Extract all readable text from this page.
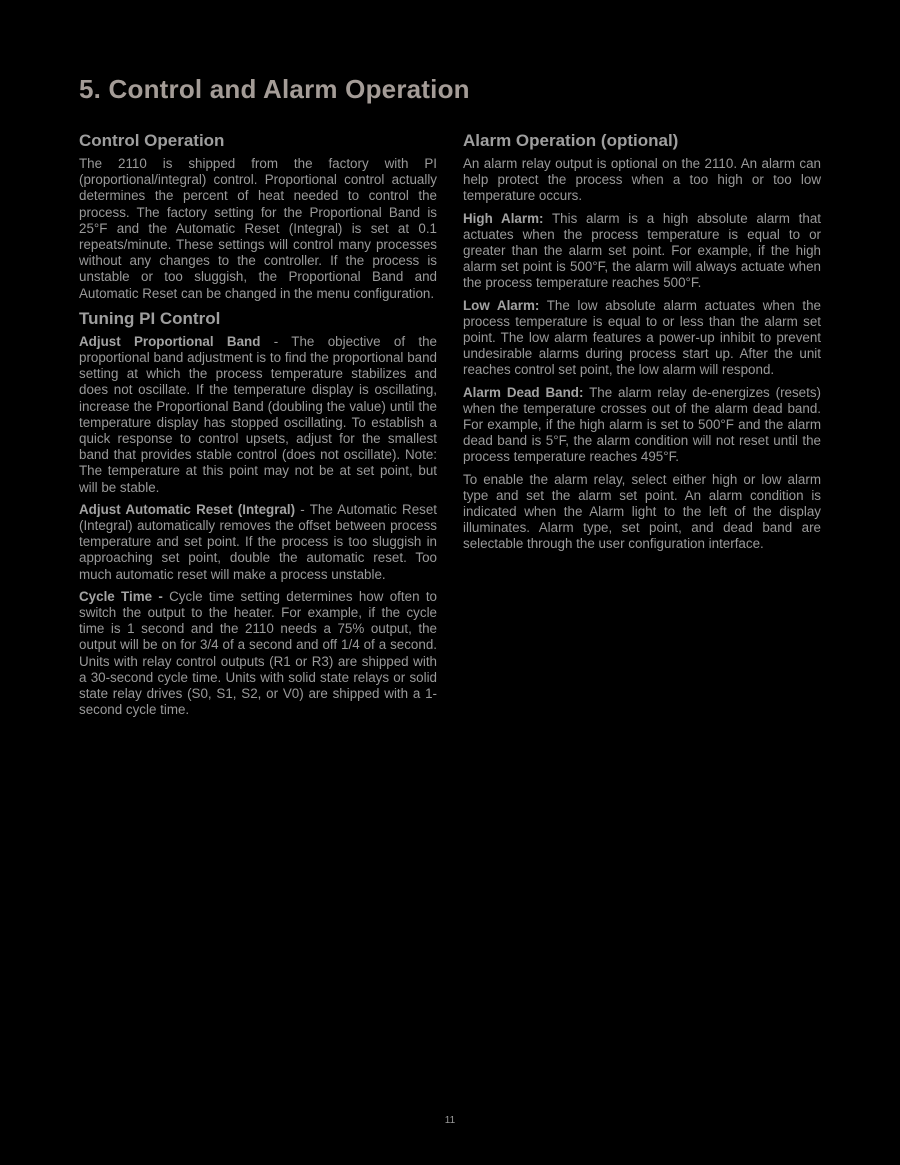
5. Control and Alarm Operation
Control Operation

The 2110 is shipped from the factory with PI (proportional/integral) control. Proportional control actually determines the percent of heat needed to control the process. The factory setting for the Proportional Band is 25°F and the Automatic Reset (Integral) is set at 0.1 repeats/minute. These settings will control many processes without any changes to the controller. If the process is unstable or too sluggish, the Proportional Band and Automatic Reset can be changed in the menu configuration.

Tuning PI Control

Adjust Proportional Band - The objective of the proportional band adjustment is to find the proportional band setting at which the process temperature stabilizes and does not oscillate. If the temperature display is oscillating, increase the Proportional Band (doubling the value) until the temperature display has stopped oscillating. To establish a quick response to control upsets, adjust for the smallest band that provides stable control (does not oscillate). Note: The temperature at this point may not be at set point, but will be stable.

Adjust Automatic Reset (Integral) - The Automatic Reset (Integral) automatically removes the offset between process temperature and set point. If the process is too sluggish in approaching set point, double the automatic reset. Too much automatic reset will make a process unstable.

Cycle Time - Cycle time setting determines how often to switch the output to the heater. For example, if the cycle time is 1 second and the 2110 needs a 75% output, the output will be on for 3/4 of a second and off 1/4 of a second. Units with relay control outputs (R1 or R3) are shipped with a 30-second cycle time. Units with solid state relays or solid state relay drives (S0, S1, S2, or V0) are shipped with a 1-second cycle time.

Alarm Operation (optional)

An alarm relay output is optional on the 2110. An alarm can help protect the process when a too high or too low temperature occurs.

High Alarm: This alarm is a high absolute alarm that actuates when the process temperature is equal to or greater than the alarm set point. For example, if the high alarm set point is 500°F, the alarm will always actuate when the process temperature reaches 500°F.

Low Alarm: The low absolute alarm actuates when the process temperature is equal to or less than the alarm set point. The low alarm features a power-up inhibit to prevent undesirable alarms during process start up. After the unit reaches control set point, the low alarm will respond.

Alarm Dead Band: The alarm relay de-energizes (resets) when the temperature crosses out of the alarm dead band. For example, if the high alarm is set to 500°F and the alarm dead band is 5°F, the alarm condition will not reset until the process temperature reaches 495°F.

To enable the alarm relay, select either high or low alarm type and set the alarm set point. An alarm condition is indicated when the Alarm light to the left of the display illuminates. Alarm type, set point, and dead band are selectable through the user configuration interface.

11
